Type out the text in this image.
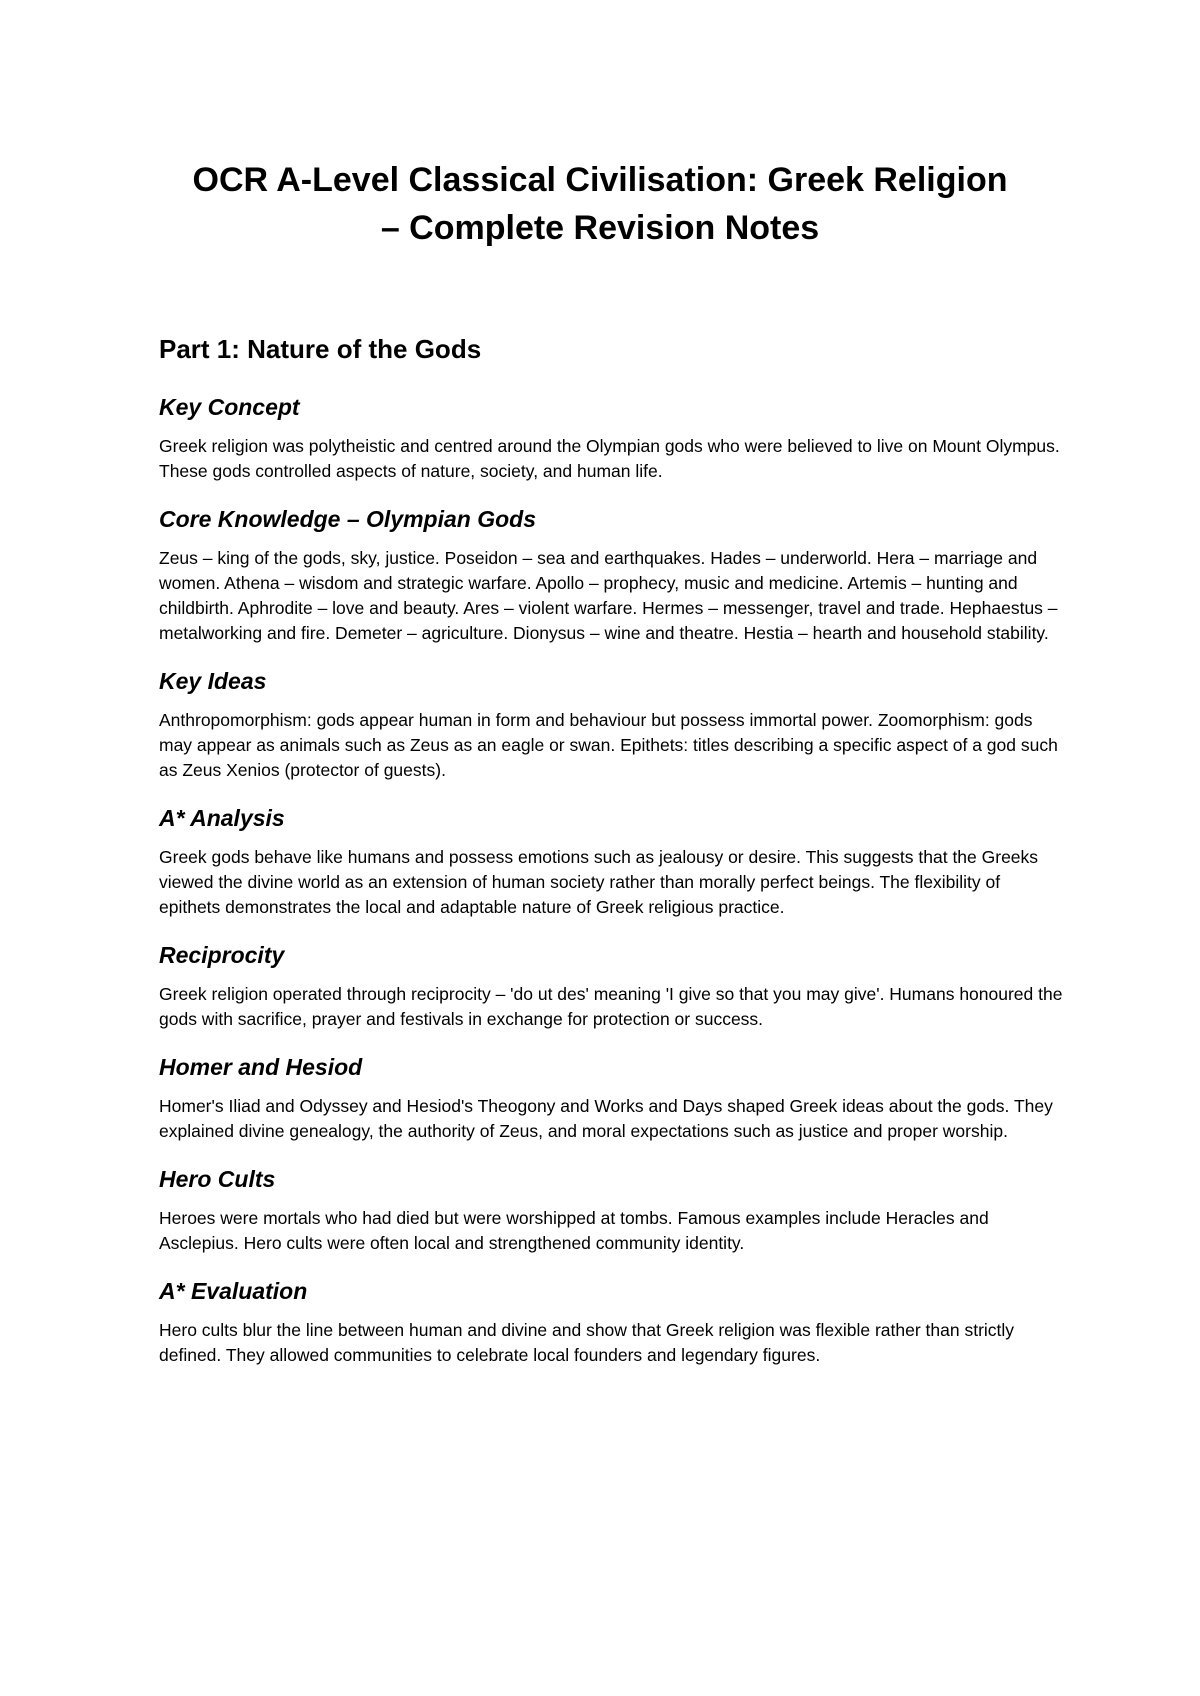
OCR A-Level Classical Civilisation: Greek Religion
– Complete Revision Notes
Part 1: Nature of the Gods
Key Concept

Greek religion was polytheistic and centred around the Olympian gods who were believed to live on Mount Olympus. These gods controlled aspects of nature, society, and human life.

Core Knowledge – Olympian Gods

Zeus – king of the gods, sky, justice. Poseidon – sea and earthquakes. Hades – underworld. Hera – marriage and women. Athena – wisdom and strategic warfare. Apollo – prophecy, music and medicine. Artemis – hunting and childbirth. Aphrodite – love and beauty. Ares – violent warfare. Hermes – messenger, travel and trade. Hephaestus – metalworking and fire. Demeter – agriculture. Dionysus – wine and theatre. Hestia – hearth and household stability.

Key Ideas

Anthropomorphism: gods appear human in form and behaviour but possess immortal power. Zoomorphism: gods may appear as animals such as Zeus as an eagle or swan. Epithets: titles describing a specific aspect of a god such as Zeus Xenios (protector of guests).

A* Analysis

Greek gods behave like humans and possess emotions such as jealousy or desire. This suggests that the Greeks viewed the divine world as an extension of human society rather than morally perfect beings. The flexibility of epithets demonstrates the local and adaptable nature of Greek religious practice.

Reciprocity

Greek religion operated through reciprocity – 'do ut des' meaning 'I give so that you may give'. Humans honoured the gods with sacrifice, prayer and festivals in exchange for protection or success.

Homer and Hesiod

Homer's Iliad and Odyssey and Hesiod's Theogony and Works and Days shaped Greek ideas about the gods. They explained divine genealogy, the authority of Zeus, and moral expectations such as justice and proper worship.

Hero Cults

Heroes were mortals who had died but were worshipped at tombs. Famous examples include Heracles and Asclepius. Hero cults were often local and strengthened community identity.

A* Evaluation

Hero cults blur the line between human and divine and show that Greek religion was flexible rather than strictly defined. They allowed communities to celebrate local founders and legendary figures.
